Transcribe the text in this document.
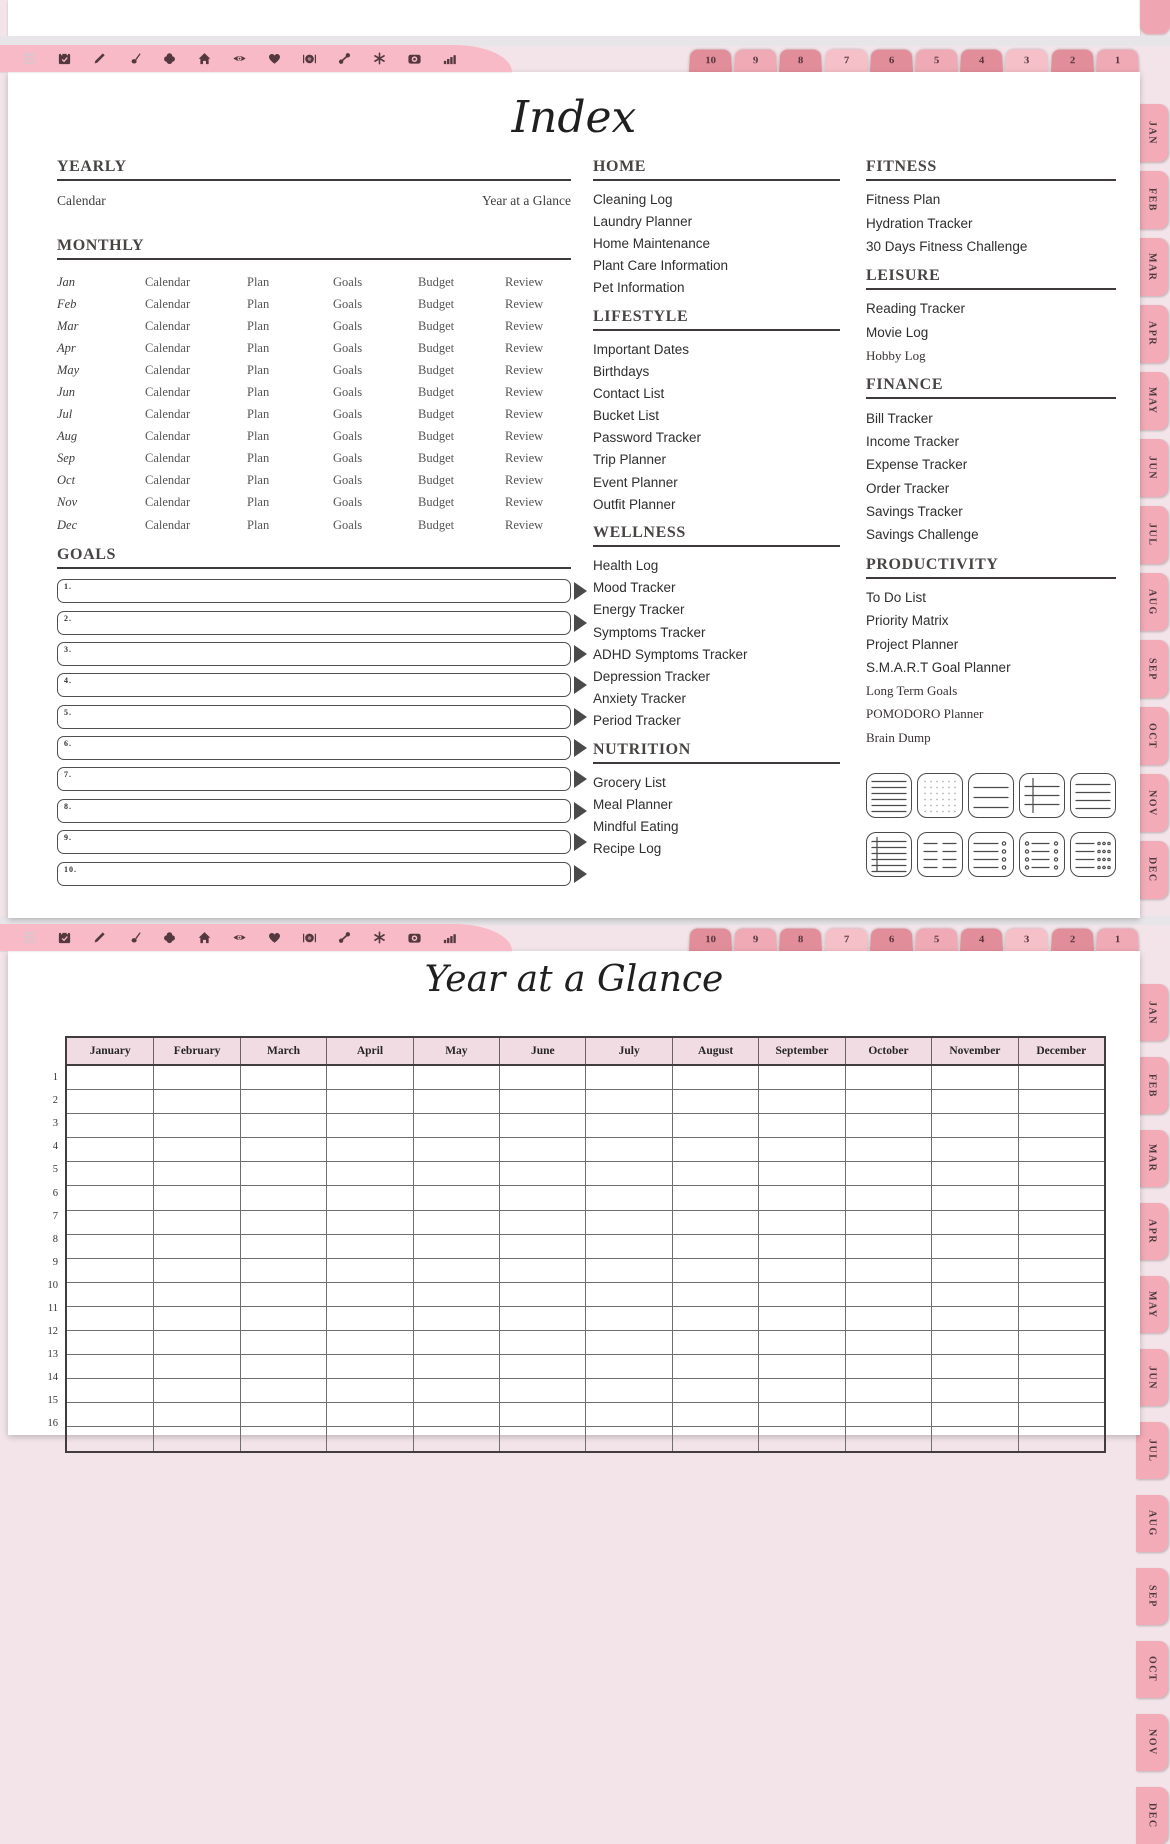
10	9	8	7	6	5	4	3	2	1
JAN
FEB
MAR
APR
MAY
JUN
JUL
AUG
SEP
OCT
NOV
DEC
Index
YEARLY
Calendar	Year at a Glance
MONTHLY
Jan	Calendar	Plan	Goals	Budget	Review
Feb	Calendar	Plan	Goals	Budget	Review
Mar	Calendar	Plan	Goals	Budget	Review
Apr	Calendar	Plan	Goals	Budget	Review
May	Calendar	Plan	Goals	Budget	Review
Jun	Calendar	Plan	Goals	Budget	Review
Jul	Calendar	Plan	Goals	Budget	Review
Aug	Calendar	Plan	Goals	Budget	Review
Sep	Calendar	Plan	Goals	Budget	Review
Oct	Calendar	Plan	Goals	Budget	Review
Nov	Calendar	Plan	Goals	Budget	Review
Dec	Calendar	Plan	Goals	Budget	Review
GOALS
1.
2.
3.
4.
5.
6.
7.
8.
9.
10.
HOME
Cleaning Log
Laundry Planner
Home Maintenance
Plant Care Information
Pet Information
LIFESTYLE
Important Dates
Birthdays
Contact List
Bucket List
Password Tracker
Trip Planner
Event Planner
Outfit Planner
WELLNESS
Health Log
Mood Tracker
Energy Tracker
Symptoms Tracker
ADHD Symptoms Tracker
Depression Tracker
Anxiety Tracker
Period Tracker
NUTRITION
Grocery List
Meal Planner
Mindful Eating
Recipe Log
FITNESS
Fitness Plan
Hydration Tracker
30 Days Fitness Challenge
LEISURE
Reading Tracker
Movie Log
Hobby Log
FINANCE
Bill Tracker
Income Tracker
Expense Tracker
Order Tracker
Savings Tracker
Savings Challenge
PRODUCTIVITY
To Do List
Priority Matrix
Project Planner
S.M.A.R.T Goal Planner
Long Term Goals
POMODORO Planner
Brain Dump
10	9	8	7	6	5	4	3	2	1
JAN
FEB
MAR
APR
MAY
JUN
JUL
AUG
SEP
OCT
NOV
DEC
Year at a Glance
1
2
3
4
5
6
7
8
9
10
11
12
13
14
15
16
January	February	March	April	May	June	July	August	September	October	November	December
